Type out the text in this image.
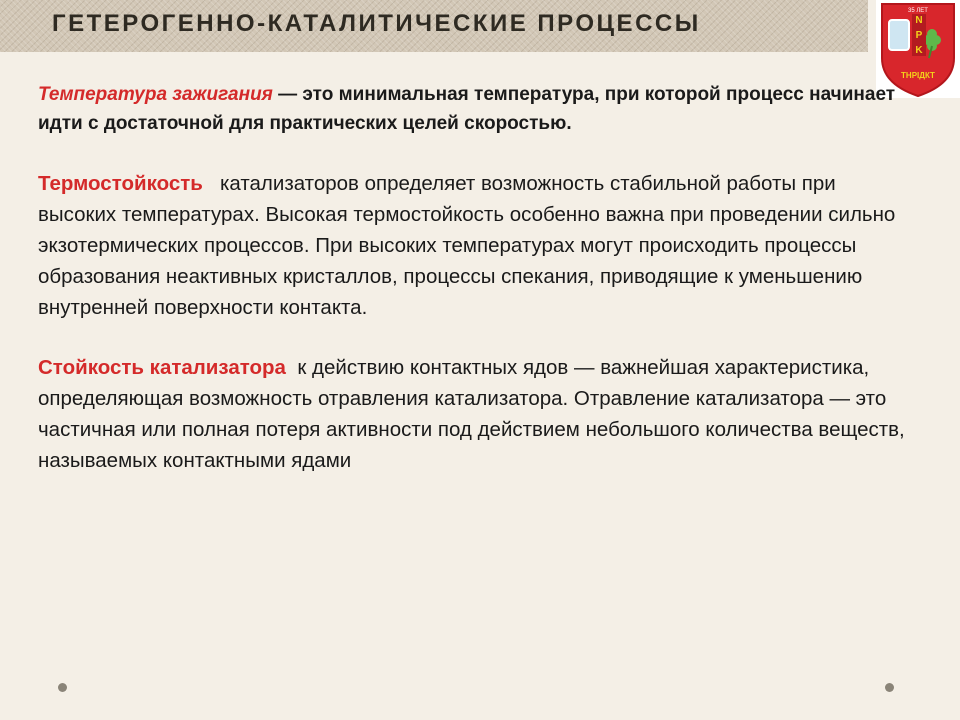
ГЕТЕРОГЕННО-КАТАЛИТИЧЕСКИЕ ПРОЦЕССЫ	35 ЛЕТ
N
P
K
ТНРІДКТ

Температура зажигания — это минимальная температура, при которой процесс начинает идти с достаточной для практических целей скоростью.

Термостойкость   катализаторов определяет возможность стабильной работы при высоких температурах. Высокая термостойкость особенно важна при проведении сильно экзотермических процессов. При высоких температурах могут происходить процессы образования неактивных кристаллов, процессы спекания, приводящие к уменьшению внутренней поверхности контакта.

Стойкость катализатора  к действию контактных ядов — важнейшая характеристика, определяющая возможность отравления катализатора. Отравление катализатора — это частичная или полная потеря активности под действием небольшого количества веществ, называемых контактными ядами
